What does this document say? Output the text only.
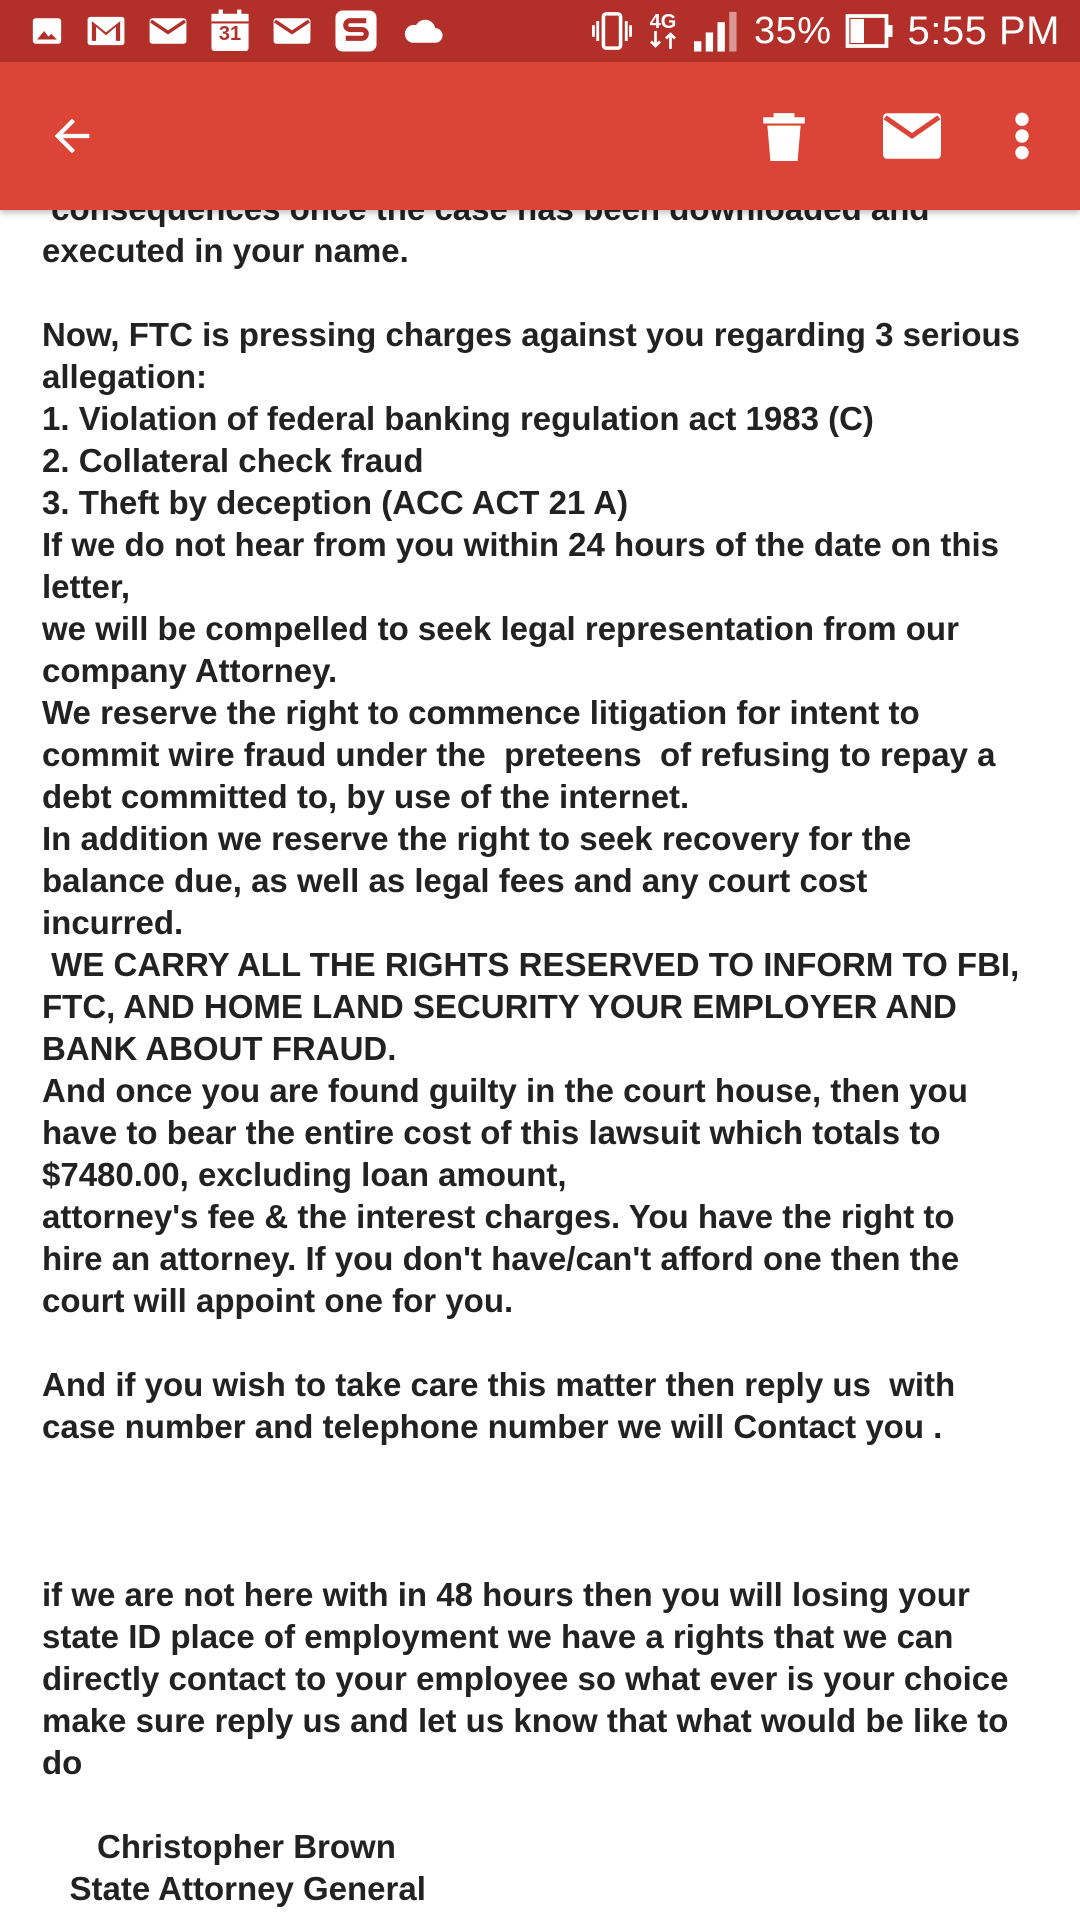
31
4G 35% 5:55 PM
executed in your name.
Now, FTC is pressing charges against you regarding 3 serious
allegation:
1. Violation of federal banking regulation act 1983 (C)
2. Collateral check fraud
3. Theft by deception (ACC ACT 21 A)
If we do not hear from you within 24 hours of the date on this
letter,
we will be compelled to seek legal representation from our
company Attorney.
We reserve the right to commence litigation for intent to
commit wire fraud under the  preteens  of refusing to repay a
debt committed to, by use of the internet.
In addition we reserve the right to seek recovery for the
balance due, as well as legal fees and any court cost
incurred.
WE CARRY ALL THE RIGHTS RESERVED TO INFORM TO FBI,
FTC, AND HOME LAND SECURITY YOUR EMPLOYER AND
BANK ABOUT FRAUD.
And once you are found guilty in the court house, then you
have to bear the entire cost of this lawsuit which totals to
$7480.00, excluding loan amount,
attorney's fee & the interest charges. You have the right to
hire an attorney. If you don't have/can't afford one then the
court will appoint one for you.
And if you wish to take care this matter then reply us  with
case number and telephone number we will Contact you .
if we are not here with in 48 hours then you will losing your
state ID place of employment we have a rights that we can
directly contact to your employee so what ever is your choice
make sure reply us and let us know that what would be like to
do
Christopher Brown
State Attorney General
